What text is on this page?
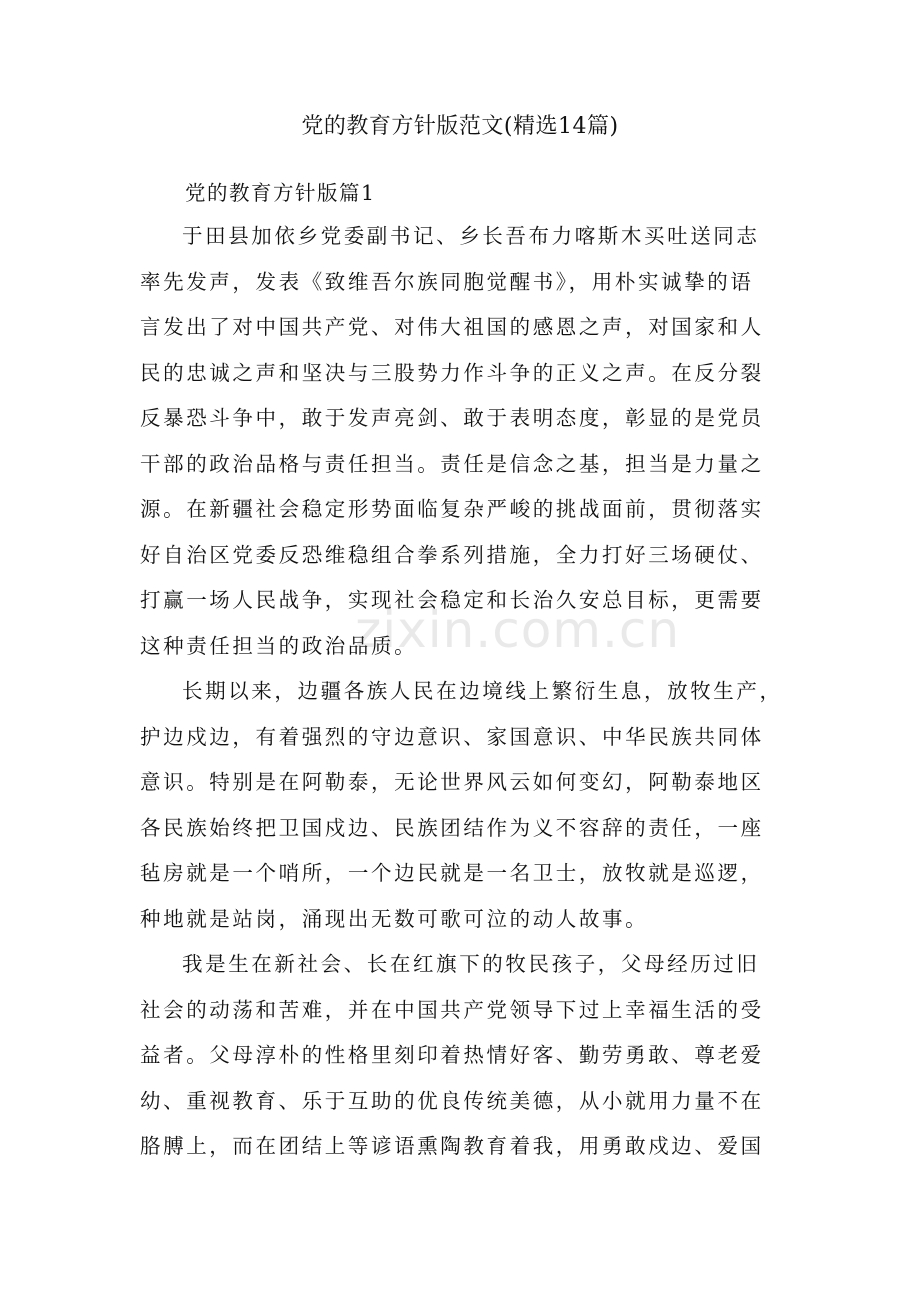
党的教育方针版范文(精选14篇)
党的教育方针版篇1

于田县加依乡党委副书记、乡长吾布力喀斯木买吐送同志
率先发声，发表《致维吾尔族同胞觉醒书》，用朴实诚挚的语
言发出了对中国共产党、对伟大祖国的感恩之声，对国家和人
民的忠诚之声和坚决与三股势力作斗争的正义之声。在反分裂
反暴恐斗争中，敢于发声亮剑、敢于表明态度，彰显的是党员
干部的政治品格与责任担当。责任是信念之基，担当是力量之
源。在新疆社会稳定形势面临复杂严峻的挑战面前，贯彻落实
好自治区党委反恐维稳组合拳系列措施，全力打好三场硬仗、
打赢一场人民战争，实现社会稳定和长治久安总目标，更需要
这种责任担当的政治品质。

长期以来，边疆各族人民在边境线上繁衍生息，放牧生产，
护边戍边，有着强烈的守边意识、家国意识、中华民族共同体
意识。特别是在阿勒泰，无论世界风云如何变幻，阿勒泰地区
各民族始终把卫国戍边、民族团结作为义不容辞的责任，一座
毡房就是一个哨所，一个边民就是一名卫士，放牧就是巡逻，
种地就是站岗，涌现出无数可歌可泣的动人故事。

我是生在新社会、长在红旗下的牧民孩子，父母经历过旧
社会的动荡和苦难，并在中国共产党领导下过上幸福生活的受
益者。父母淳朴的性格里刻印着热情好客、勤劳勇敢、尊老爱
幼、重视教育、乐于互助的优良传统美德，从小就用力量不在
胳膊上，而在团结上等谚语熏陶教育着我，用勇敢戍边、爱国

zixin.com.cn
